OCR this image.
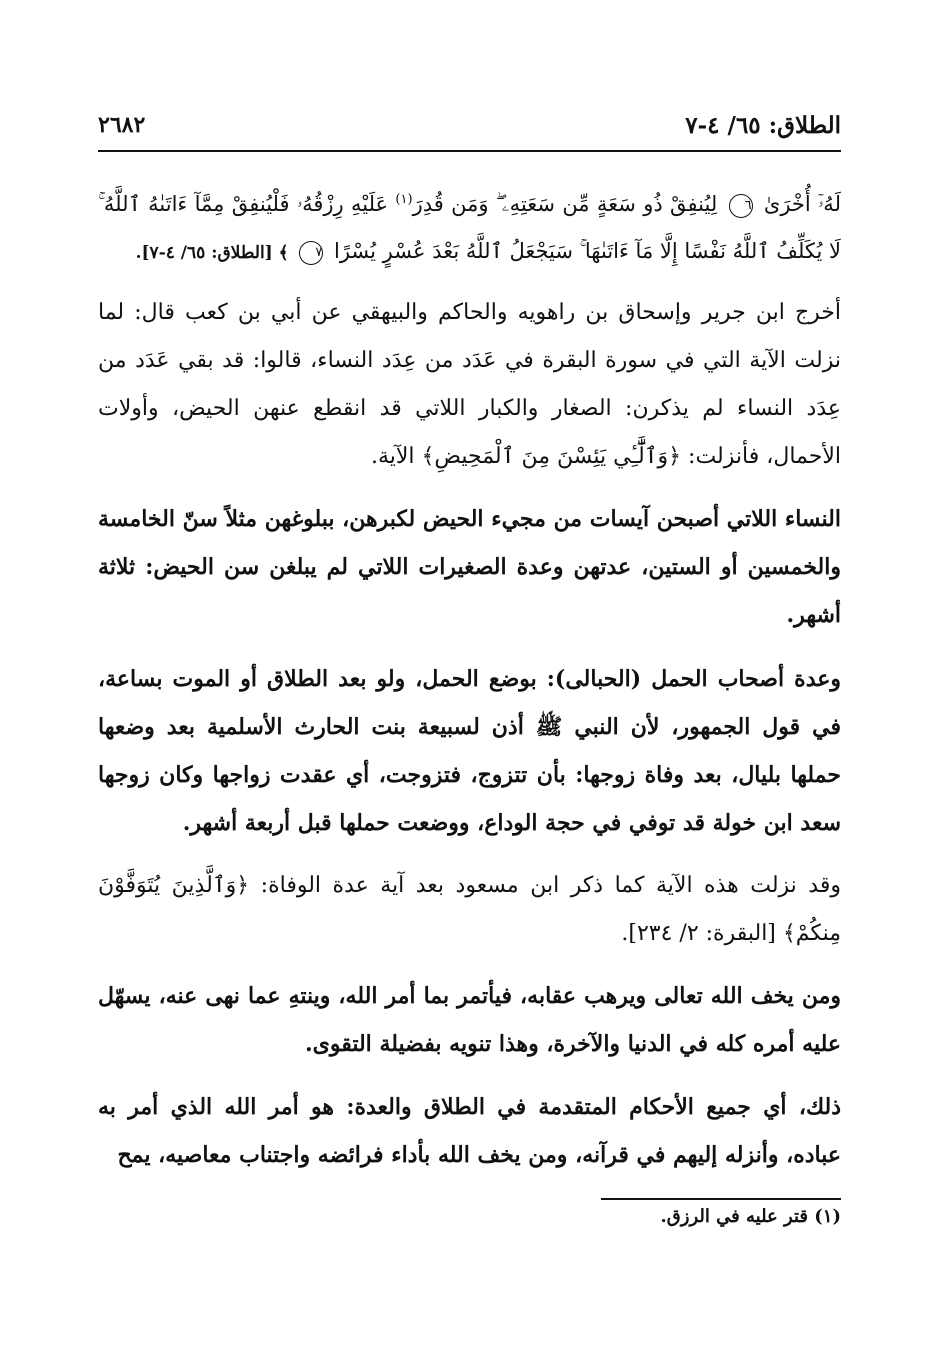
الطلاق: ٦٥/ ٤-٧
٢٦٨٢
لَهُۥٓ أُخْرَىٰ ٦ لِيُنفِقْ ذُو سَعَةٍ مِّن سَعَتِهِۦ ۖ وَمَن قُدِرَ$^{(١)}$ عَلَيْهِ رِزْقُهُۥ فَلْيُنفِقْ مِمَّآ ءَاتَىٰهُ ٱللَّهُ ۚ لَا يُكَلِّفُ ٱللَّهُ نَفْسًا إِلَّا مَآ ءَاتَىٰهَا ۚ سَيَجْعَلُ ٱللَّهُ بَعْدَ عُسْرٍ يُسْرًا ٧ ﴾ [الطلاق: ٦٥/ ٤-٧].
أخرج ابن جرير وإسحاق بن راهويه والحاكم والبيهقي عن أبي بن كعب قال: لما نزلت الآية التي في سورة البقرة في عَدَد من عِدَد النساء، قالوا: قد بقي عَدَد من عِدَد النساء لم يذكرن: الصغار والكبار اللاتي قد انقطع عنهن الحيض، وأولات الأحمال، فأنزلت: ﴿وَٱلَّٰٓـِٔي يَئِسْنَ مِنَ ٱلْمَحِيضِ﴾ الآية.
النساء اللاتي أصبحن آيسات من مجيء الحيض لكبرهن، ببلوغهن مثلاً سنّ الخامسة والخمسين أو الستين، عدتهن وعدة الصغيرات اللاتي لم يبلغن سن الحيض: ثلاثة أشهر.
وعدة أصحاب الحمل (الحبالى): بوضع الحمل، ولو بعد الطلاق أو الموت بساعة، في قول الجمهور، لأن النبي ﷺ أذن لسبيعة بنت الحارث الأسلمية بعد وضعها حملها بليال، بعد وفاة زوجها: بأن تتزوج، فتزوجت، أي عقدت زواجها وكان زوجها سعد ابن خولة قد توفي في حجة الوداع، ووضعت حملها قبل أربعة أشهر.
وقد نزلت هذه الآية كما ذكر ابن مسعود بعد آية عدة الوفاة: ﴿وَٱلَّذِينَ يُتَوَفَّوْنَ مِنكُمْ﴾ [البقرة: ٢/ ٢٣٤].
ومن يخف الله تعالى ويرهب عقابه، فيأتمر بما أمر الله، وينتهِ عما نهى عنه، يسهّل عليه أمره كله في الدنيا والآخرة، وهذا تنويه بفضيلة التقوى.
ذلك، أي جميع الأحكام المتقدمة في الطلاق والعدة: هو أمر الله الذي أمر به عباده، وأنزله إليهم في قرآنه، ومن يخف الله بأداء فرائضه واجتناب معاصيه، يمح
(١) قتر عليه في الرزق.
